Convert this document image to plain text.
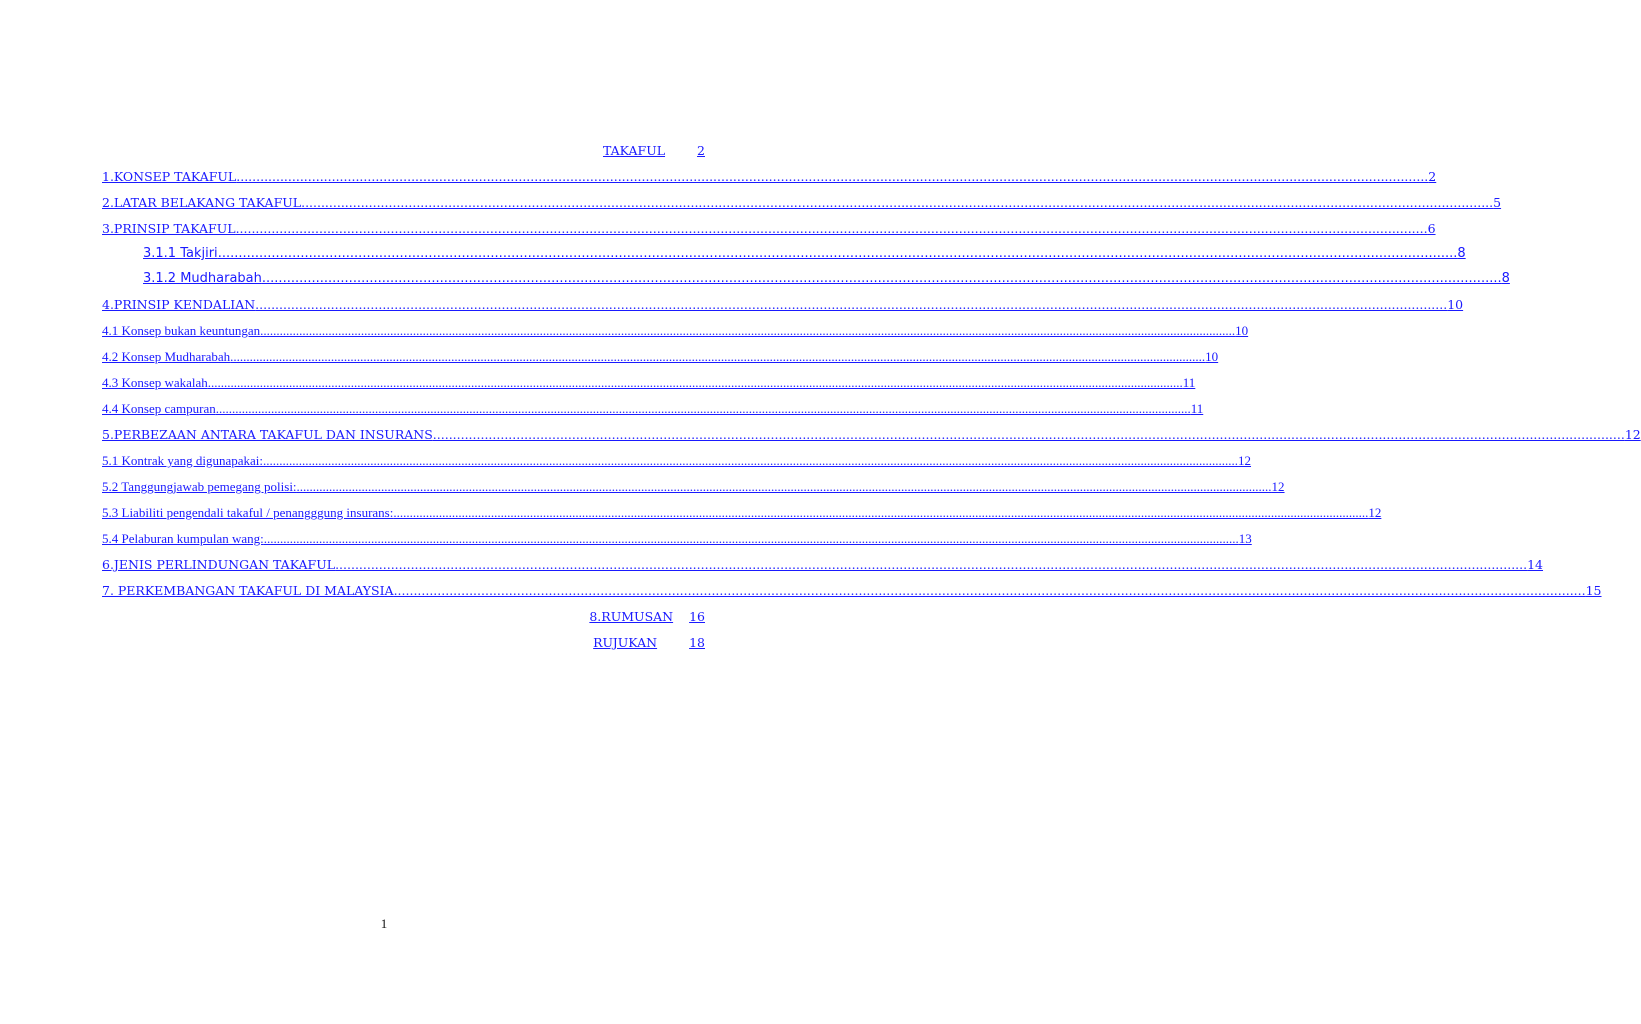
TAKAFUL	2
1.KONSEP TAKAFUL ............................................................................................................................................................................................................................................................................................................ 2
2.LATAR BELAKANG TAKAFUL ............................................................................................................................................................................................................................................................................................................ 5
3.PRINSIP TAKAFUL ............................................................................................................................................................................................................................................................................................................ 6
3.1.1 Takjiri ............................................................................................................................................................................................................................................................................................................ 8
3.1.2 Mudharabah ............................................................................................................................................................................................................................................................................................................ 8
4.PRINSIP KENDALIAN ............................................................................................................................................................................................................................................................................................................ 10
4.1 Konsep bukan keuntungan ............................................................................................................................................................................................................................................................................................................ 10
4.2 Konsep Mudharabah ............................................................................................................................................................................................................................................................................................................ 10
4.3 Konsep wakalah ............................................................................................................................................................................................................................................................................................................ 11
4.4 Konsep campuran ............................................................................................................................................................................................................................................................................................................ 11
5.PERBEZAAN ANTARA TAKAFUL DAN INSURANS ............................................................................................................................................................................................................................................................................................................ 12
5.1 Kontrak yang digunapakai: ............................................................................................................................................................................................................................................................................................................ 12
5.2 Tanggungjawab pemegang polisi: ............................................................................................................................................................................................................................................................................................................ 12
5.3 Liabiliti pengendali takaful / penangggung insurans: ............................................................................................................................................................................................................................................................................................................ 12
5.4 Pelaburan kumpulan wang: ............................................................................................................................................................................................................................................................................................................ 13
6.JENIS PERLINDUNGAN TAKAFUL ............................................................................................................................................................................................................................................................................................................ 14
7. PERKEMBANGAN TAKAFUL DI MALAYSIA ............................................................................................................................................................................................................................................................................................................ 15
8.RUMUSAN 16
RUJUKAN	18
1
